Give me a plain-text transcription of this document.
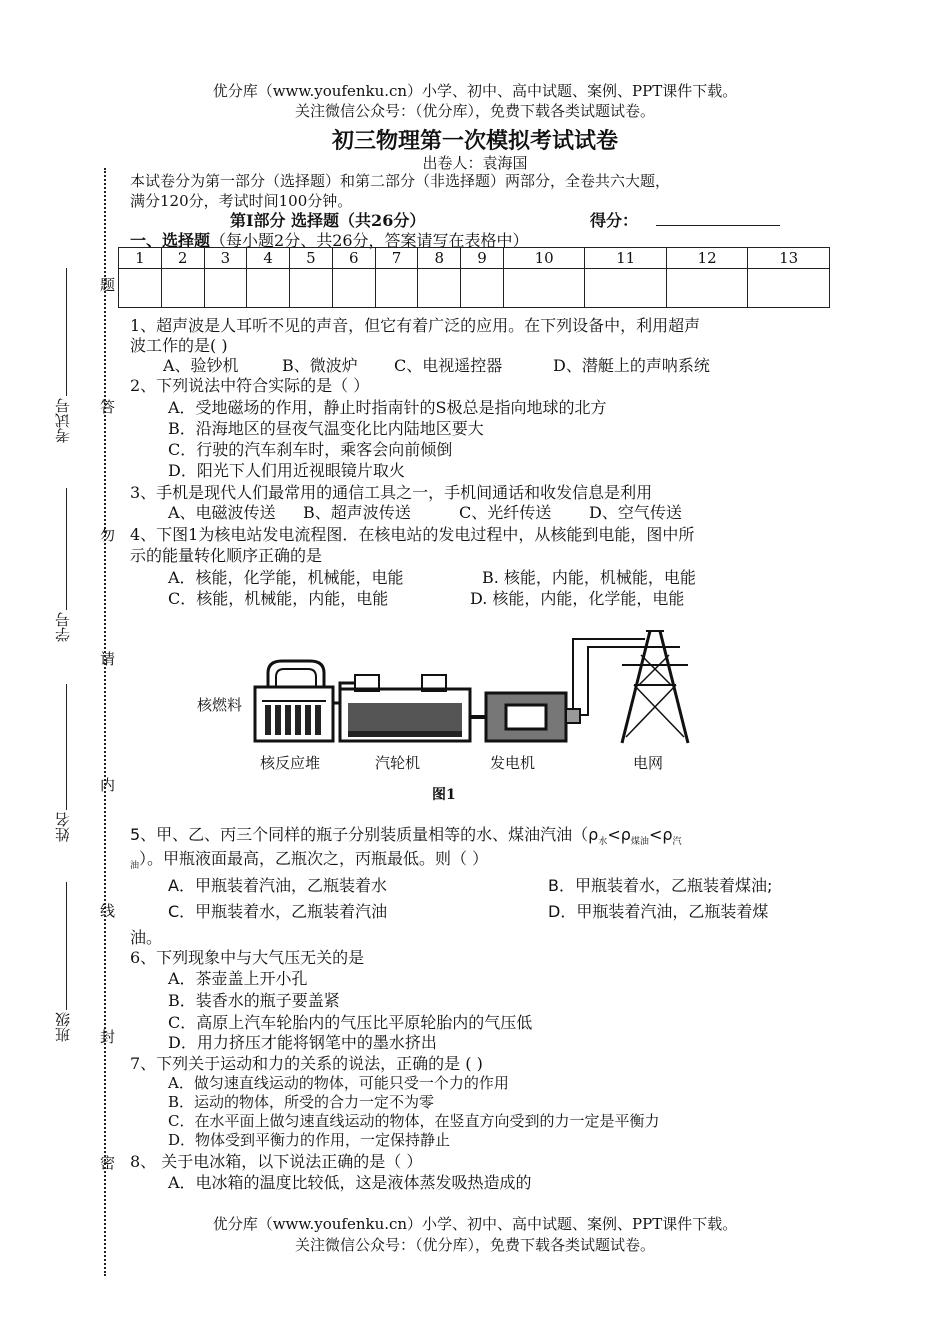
优分库（www.youfenku.cn）小学、初中、高中试题、案例、PPT课件下载。
关注微信公众号：（优分库），免费下载各类试题试卷。
初三物理第一次模拟考试试卷
出卷人：袁海国
本试卷分为第一部分（选择题）和第二部分（非选择题）两部分，全卷共六大题，
满分120分，考试时间100分钟。
第Ⅰ部分 选择题（共26分）	得分：
一、选择题（每小题2分、共26分，答案请写在表格中）
1	2	3	4	5	6	7	8	9	10	11	12	13

1、超声波是人耳听不见的声音，但它有着广泛的应用。在下列设备中，利用超声
波工作的是( )
A、验钞机	B、微波炉 C、电视遥控器	D、潜艇上的声呐系统
2、下列说法中符合实际的是（ ）
A．受地磁场的作用，静止时指南针的S极总是指向地球的北方
B．沿海地区的昼夜气温变化比内陆地区要大
C．行驶的汽车刹车时，乘客会向前倾倒
D．阳光下人们用近视眼镜片取火
3、手机是现代人们最常用的通信工具之一，手机间通话和收发信息是利用
A、电磁波传送 B、超声波传送	C、光纤传送 D、空气传送
4、下图1为核电站发电流程图．在核电站的发电过程中，从核能到电能，图中所
示的能量转化顺序正确的是
A．核能，化学能，机械能，电能	B. 核能，内能，机械能，电能
C．核能，机械能，内能，电能	D. 核能，内能，化学能，电能
核燃料
核反应堆	汽轮机	发电机	电网
图1
5、甲、乙、丙三个同样的瓶子分别装质量相等的水、煤油汽油（$\rho_水<\rho_{煤油}<\rho_汽$
$_油$）。甲瓶液面最高，乙瓶次之，丙瓶最低。则（ ）
A．甲瓶装着汽油，乙瓶装着水	B．甲瓶装着水，乙瓶装着煤油;
C．甲瓶装着水，乙瓶装着汽油	D．甲瓶装着汽油，乙瓶装着煤
油。
6、下列现象中与大气压无关的是
A．茶壶盖上开小孔
B．装香水的瓶子要盖紧
C．高原上汽车轮胎内的气压比平原轮胎内的气压低
D．用力挤压才能将钢笔中的墨水挤出
7、下列关于运动和力的关系的说法，正确的是 ( )
A．做匀速直线运动的物体，可能只受一个力的作用
B．运动的物体，所受的合力一定不为零
C．在水平面上做匀速直线运动的物体，在竖直方向受到的力一定是平衡力
D．物体受到平衡力的作用，一定保持静止
8、 关于电冰箱，以下说法正确的是（ ）
A．电冰箱的温度比较低，这是液体蒸发吸热造成的
优分库（www.youfenku.cn）小学、初中、高中试题、案例、PPT课件下载。
关注微信公众号：（优分库），免费下载各类试题试卷。
考试号
学号
姓名
班级
题
答
勿
请
内
线
封
密
